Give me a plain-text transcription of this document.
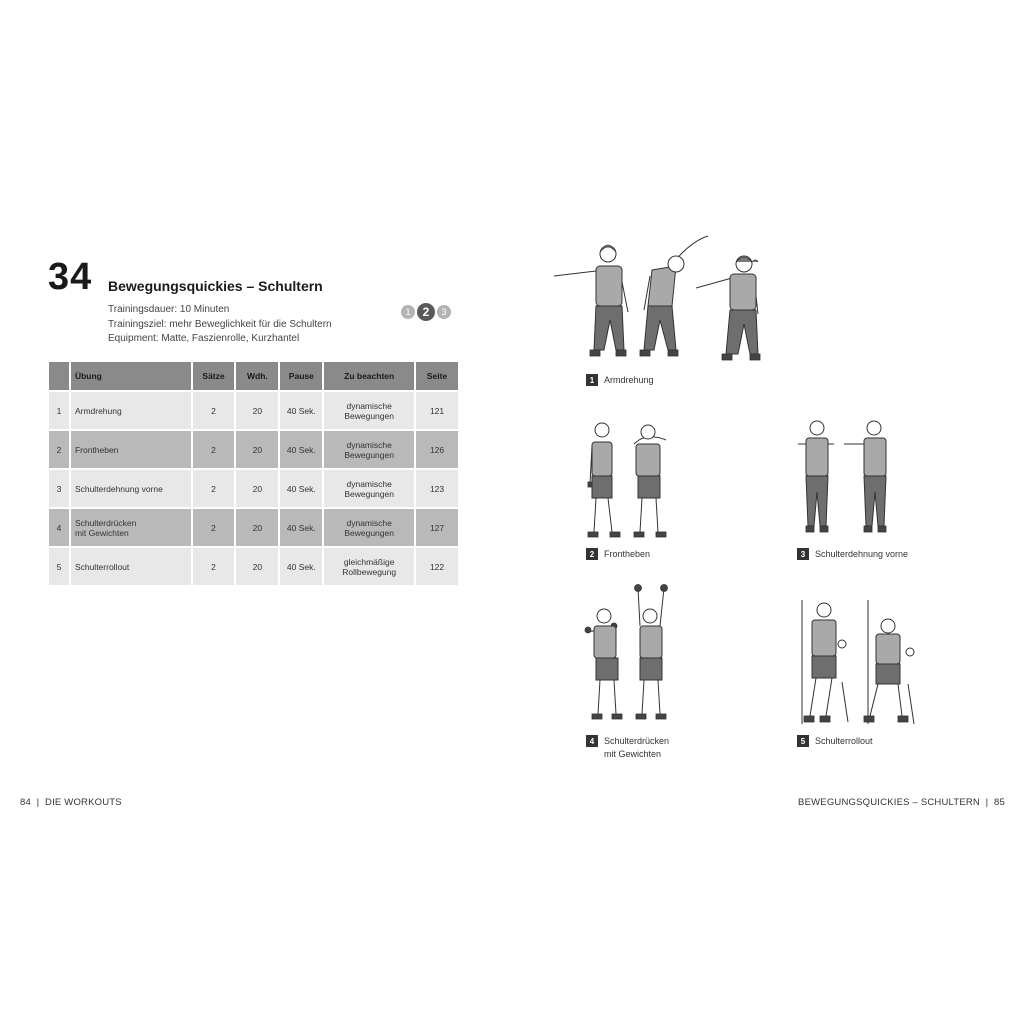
34 Bewegungsquickies – Schultern
Trainingsdauer: 10 Minuten
Trainingsziel: mehr Beweglichkeit für die Schultern
Equipment: Matte, Faszienrolle, Kurzhantel
1	2	3
	Übung	Sätze	Wdh.	Pause	Zu beachten	Seite
1	Armdrehung	2	20	40 Sek.	dynamische
Bewegungen	121
2	Frontheben	2	20	40 Sek.	dynamische
Bewegungen	126
3	Schulterdehnung vorne	2	20	40 Sek.	dynamische
Bewegungen	123
4	Schulterdrücken
mit Gewichten	2	20	40 Sek.	dynamische
Bewegungen	127
5	Schulterrollout	2	20	40 Sek.	gleichmäßige
Rollbewegung	122
84  |  DIE WORKOUTS	BEWEGUNGSQUICKIES – SCHULTERN  |  85
1	Armdrehung
2	Frontheben	3	Schulterdehnung vorne
4	Schulterdrücken
mit Gewichten
5	Schulterrollout
